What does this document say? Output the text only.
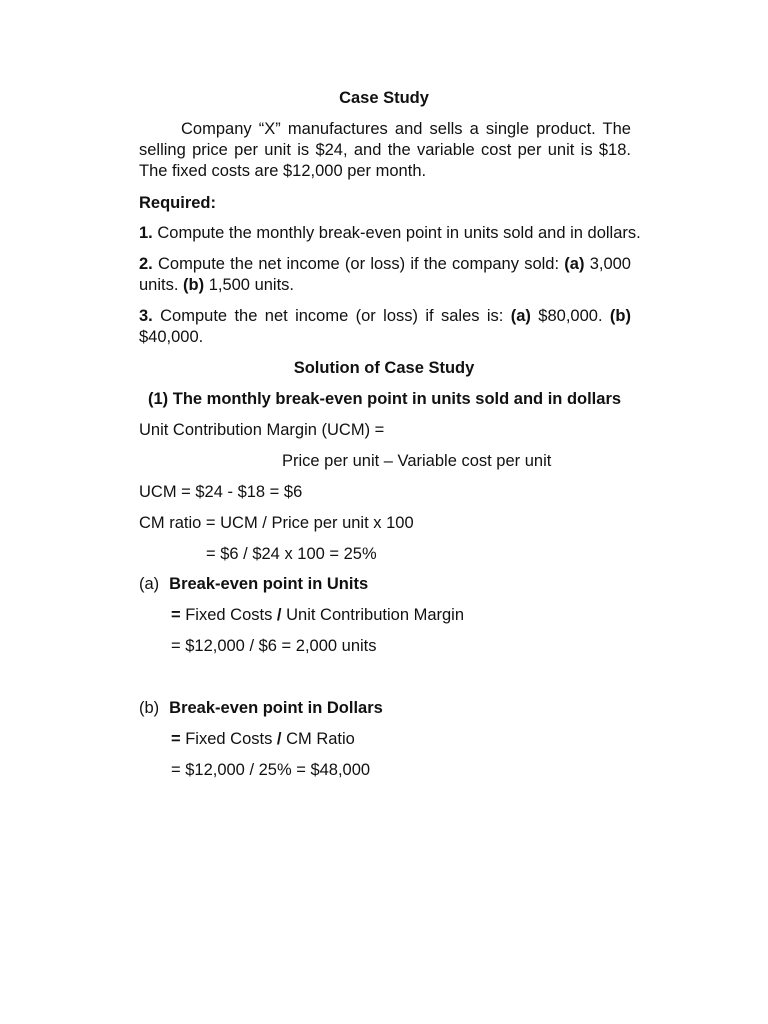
Case Study
Company “X” manufactures and sells a single product. The selling price per unit is $24, and the variable cost per unit is $18. The fixed costs are $12,000 per month.
Required:
1. Compute the monthly break-even point in units sold and in dollars.
2. Compute the net income (or loss) if the company sold: (a) 3,000 units. (b) 1,500 units.
3. Compute the net income (or loss) if sales is: (a) $80,000. (b) $40,000.
Solution of Case Study
(1) The monthly break-even point in units sold and in dollars
Unit Contribution Margin (UCM) =
Price per unit – Variable cost per unit
UCM = $24 - $18 = $6
CM ratio = UCM / Price per unit x 100
= $6 / $24 x 100 = 25%
(a) Break-even point in Units
= Fixed Costs / Unit Contribution Margin
= $12,000 / $6 = 2,000 units
(b) Break-even point in Dollars
= Fixed Costs / CM Ratio
= $12,000 / 25% = $48,000
